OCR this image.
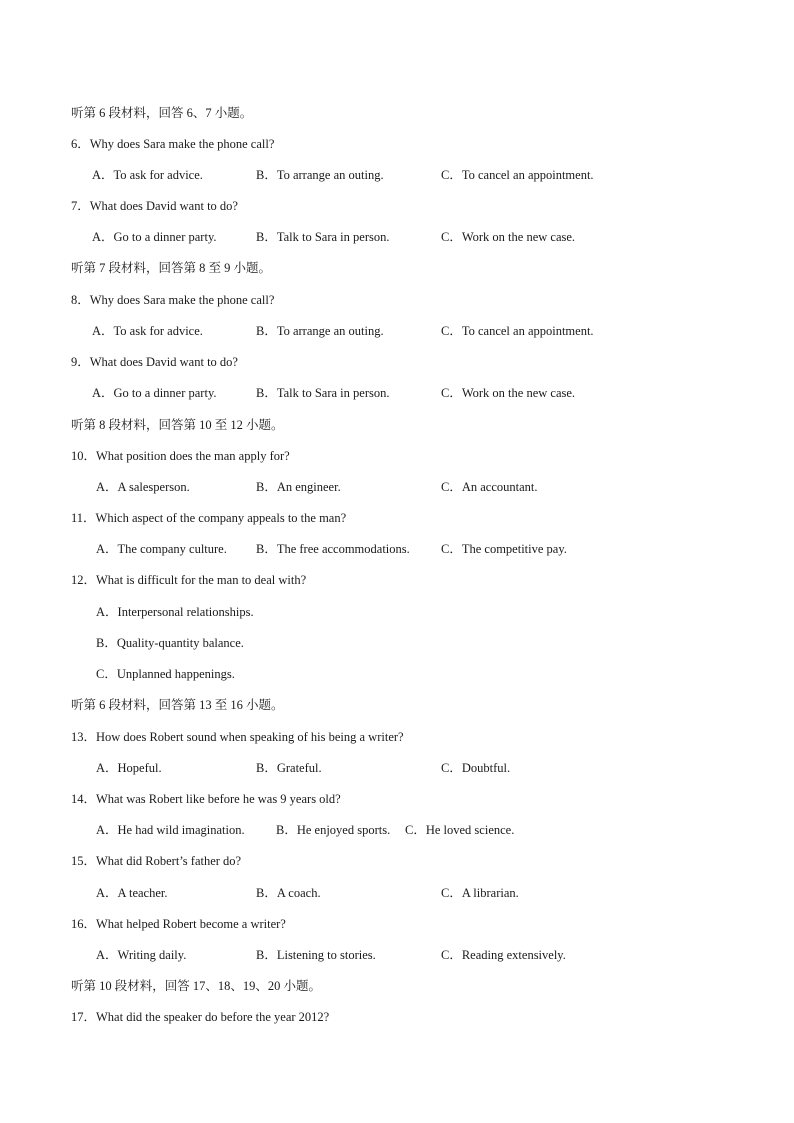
听第 6 段材料，回答 6、7 小题。
6．Why does Sara make the phone call?
A．To ask for advice.	B．To arrange an outing.	C．To cancel an appointment.
7．What does David want to do?
A．Go to a dinner party.	B．Talk to Sara in person.	C．Work on the new case.
听第 7 段材料，回答第 8 至 9 小题。
8．Why does Sara make the phone call?
A．To ask for advice.	B．To arrange an outing.	C．To cancel an appointment.
9．What does David want to do?
A．Go to a dinner party.	B．Talk to Sara in person.	C．Work on the new case.
听第 8 段材料，回答第 10 至 12 小题。
10．What position does the man apply for?
A．A salesperson.	B．An engineer.	C．An accountant.
11．Which aspect of the company appeals to the man?
A．The company culture. B．The free accommodations. C．The competitive pay.
12．What is difficult for the man to deal with?
A．Interpersonal relationships.
B．Quality-quantity balance.
C．Unplanned happenings.
听第 6 段材料，回答第 13 至 16 小题。
13．How does Robert sound when speaking of his being a writer?
A．Hopeful.	B．Grateful.	C．Doubtful.
14．What was Robert like before he was 9 years old?
A．He had wild imagination.	B．He enjoyed sports. C．He loved science.
15．What did Robert’s father do?
A．A teacher.	B．A coach.	C．A librarian.
16．What helped Robert become a writer?
A．Writing daily.	B．Listening to stories.	C．Reading extensively.
听第 10 段材料，回答 17、18、19、20 小题。
17．What did the speaker do before the year 2012?
